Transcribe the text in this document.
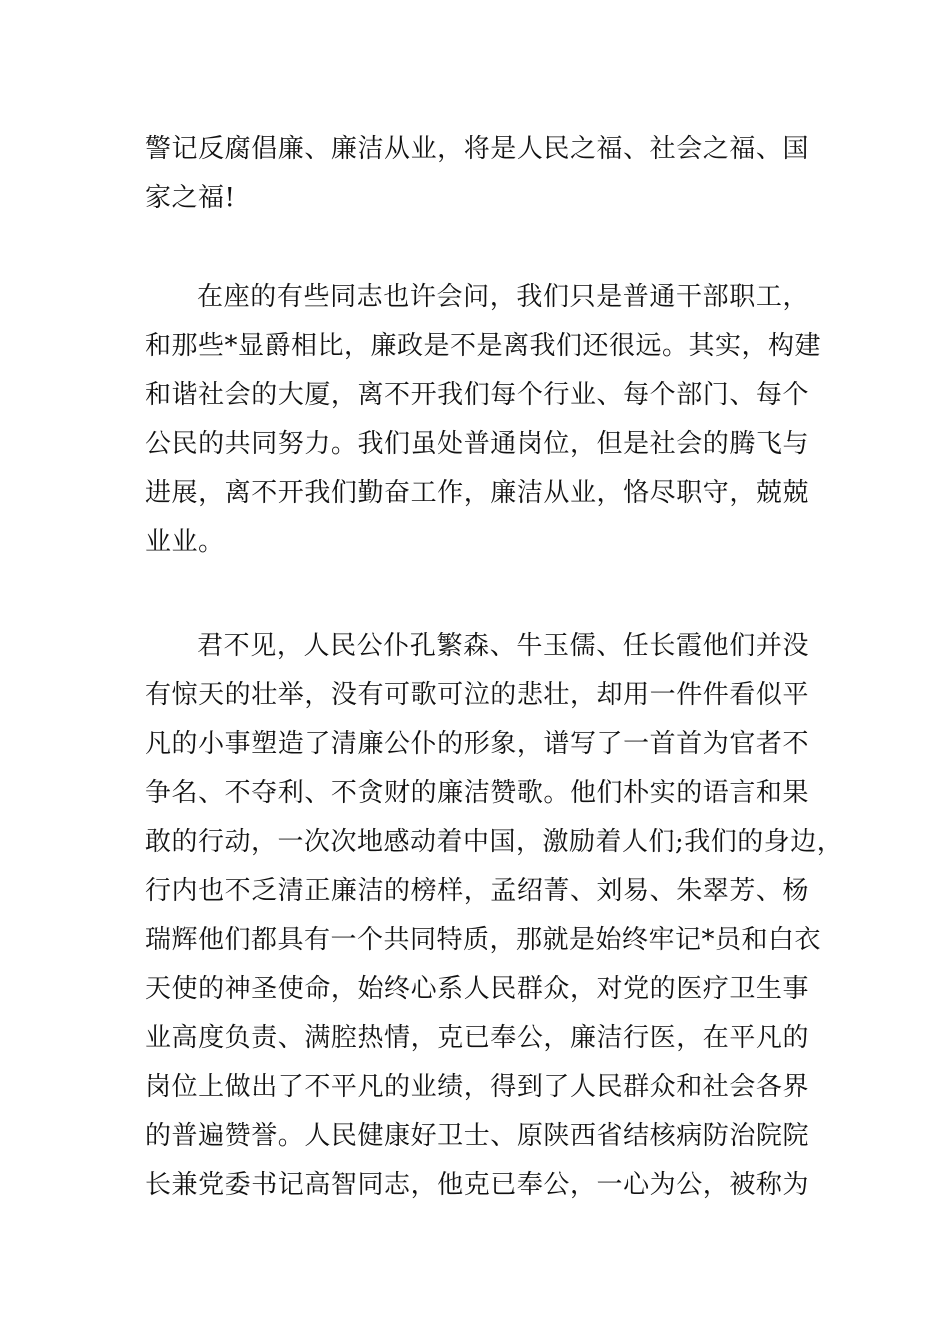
警记反腐倡廉、廉洁从业，将是人民之福、社会之福、国
家之福!
在座的有些同志也许会问，我们只是普通干部职工，
和那些*显爵相比，廉政是不是离我们还很远。其实，构建
和谐社会的大厦，离不开我们每个行业、每个部门、每个
公民的共同努力。我们虽处普通岗位，但是社会的腾飞与
进展，离不开我们勤奋工作，廉洁从业，恪尽职守，兢兢
业业。
君不见，人民公仆孔繁森、牛玉儒、任长霞他们并没
有惊天的壮举，没有可歌可泣的悲壮，却用一件件看似平
凡的小事塑造了清廉公仆的形象，谱写了一首首为官者不
争名、不夺利、不贪财的廉洁赞歌。他们朴实的语言和果
敢的行动，一次次地感动着中国，激励着人们;我们的身边，
行内也不乏清正廉洁的榜样，孟绍菁、刘易、朱翠芳、杨
瑞辉他们都具有一个共同特质，那就是始终牢记*员和白衣
天使的神圣使命，始终心系人民群众，对党的医疗卫生事
业高度负责、满腔热情，克已奉公，廉洁行医，在平凡的
岗位上做出了不平凡的业绩，得到了人民群众和社会各界
的普遍赞誉。人民健康好卫士、原陕西省结核病防治院院
长兼党委书记高智同志，他克已奉公，一心为公，被称为
